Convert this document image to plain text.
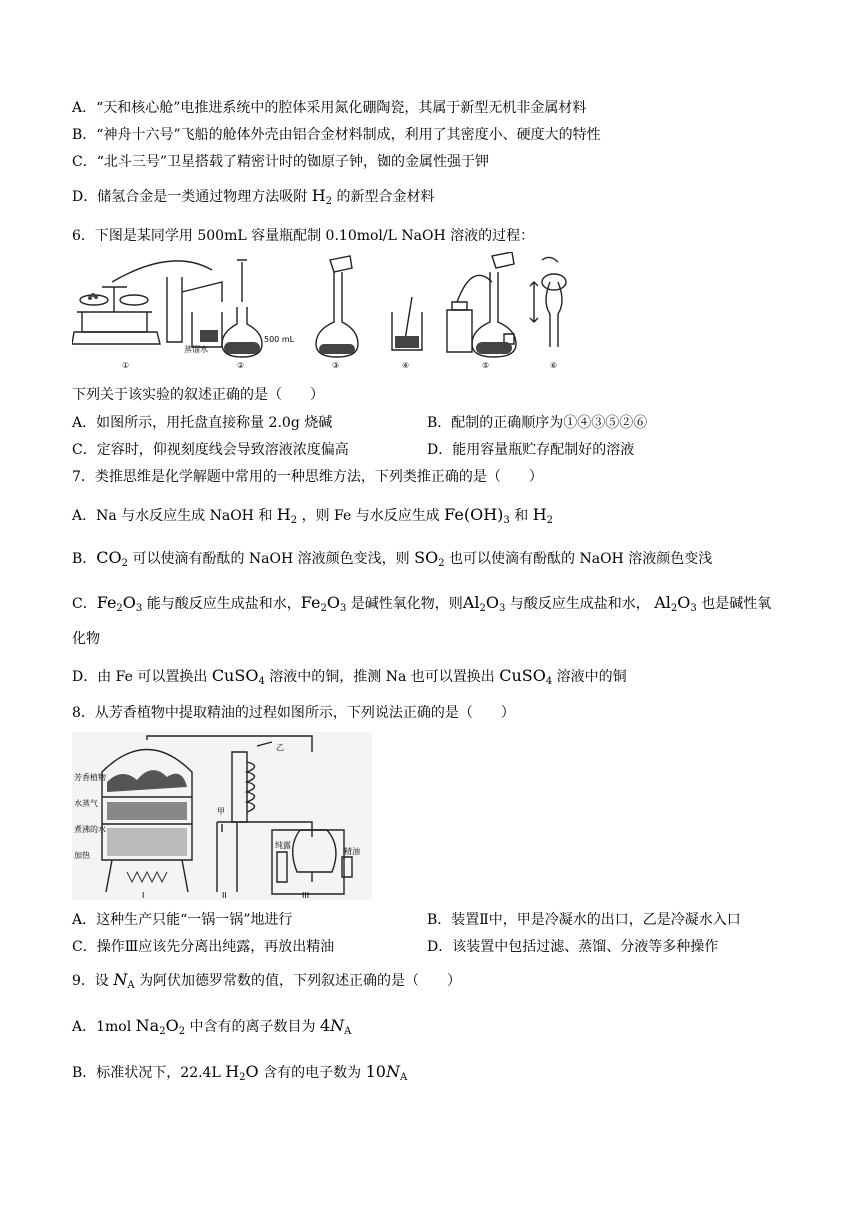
A．“天和核心舱”电推进系统中的腔体采用氮化硼陶瓷，其属于新型无机非金属材料
B．“神舟十六号”飞船的舱体外壳由铝合金材料制成，利用了其密度小、硬度大的特性
C．“北斗三号”卫星搭载了精密计时的铷原子钟，铷的金属性强于钾
D．储氢合金是一类通过物理方法吸附 $H_2$ 的新型合金材料
6．下图是某同学用 500mL 容量瓶配制 0.10mol/L NaOH 溶液的过程：
蒸馏水
500 mL
①	②	③	④	⑤	⑥
下列关于该实验的叙述正确的是（　　）
A．如图所示，用托盘直接称量 2.0g 烧碱	B．配制的正确顺序为①④③⑤②⑥
C．定容时，仰视刻度线会导致溶液浓度偏高	D．能用容量瓶贮存配制好的溶液
7．类推思维是化学解题中常用的一种思维方法，下列类推正确的是（　　）
A．Na 与水反应生成 NaOH 和 $H_2$ ，则 Fe 与水反应生成 $Fe(OH)_3$ 和 $H_2$
B．$CO_2$ 可以使滴有酚酞的 NaOH 溶液颜色变浅，则 $SO_2$ 也可以使滴有酚酞的 NaOH 溶液颜色变浅
C．$Fe_2O_3$ 能与酸反应生成盐和水，$Fe_2O_3$ 是碱性氧化物，则$Al_2O_3$ 与酸反应生成盐和水， $Al_2O_3$ 也是碱性氧
化物
D．由 Fe 可以置换出 CuSO$_4$ 溶液中的铜，推测 Na 也可以置换出 CuSO$_4$ 溶液中的铜
8．从芳香植物中提取精油的过程如图所示，下列说法正确的是（　　）
芳香植物
水蒸气
煮沸的水
加热
甲
乙
纯露
精油
I	II	III
A．这种生产只能“一锅一锅”地进行	B．装置Ⅱ中，甲是冷凝水的出口，乙是冷凝水入口
C．操作Ⅲ应该先分离出纯露，再放出精油	D．该装置中包括过滤、蒸馏、分液等多种操作
9．设 $N_A$ 为阿伏加德罗常数的值，下列叙述正确的是（　　）
A．1mol $Na_2O_2$ 中含有的离子数目为 $4N_A$
B．标准状况下，22.4L $H_2O$ 含有的电子数为 $10N_A$
